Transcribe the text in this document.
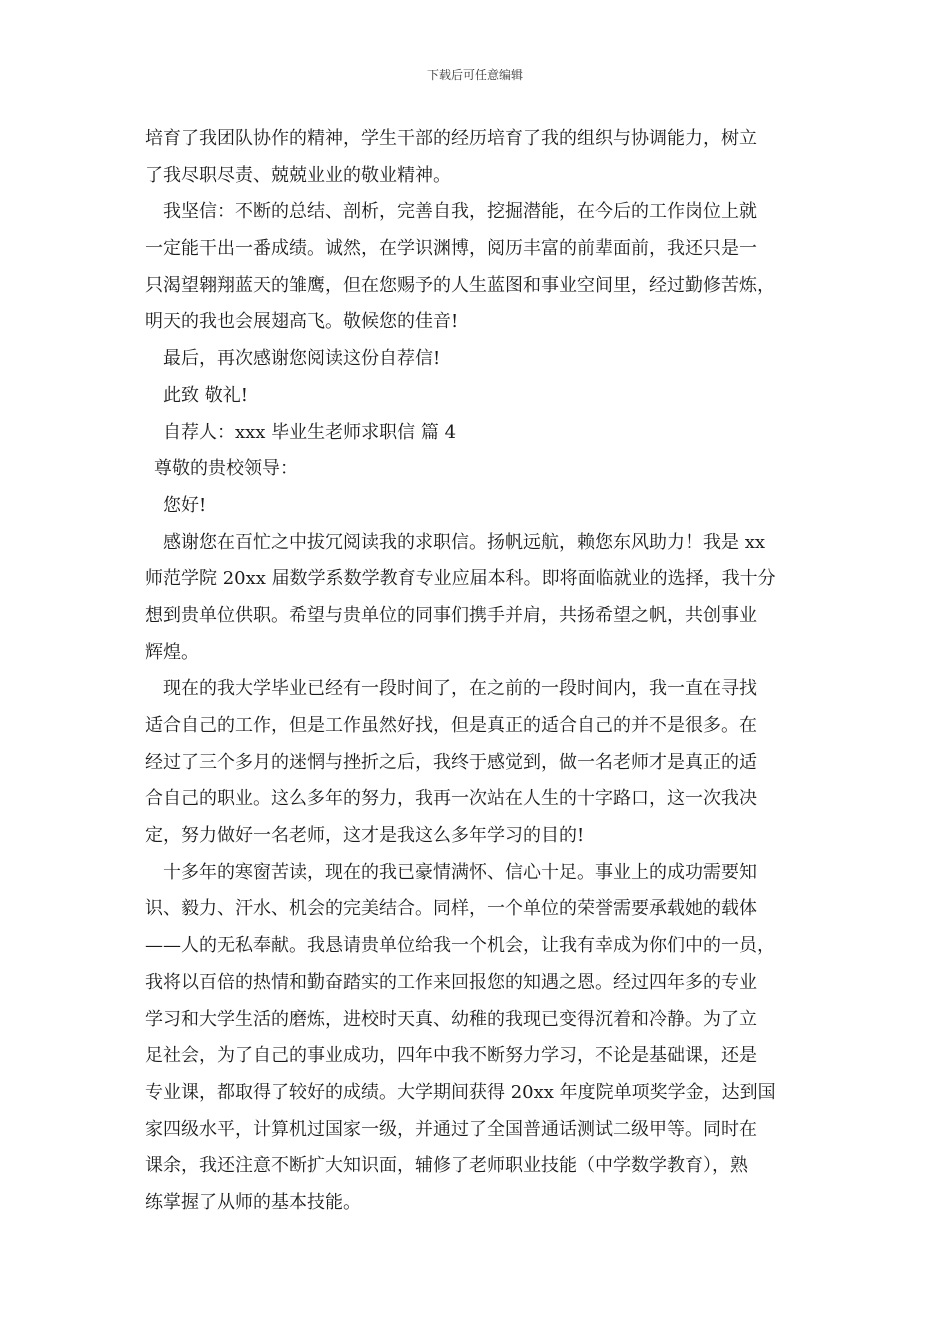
下载后可任意编辑
培育了我团队协作的精神，学生干部的经历培育了我的组织与协调能力，树立
了我尽职尽责、兢兢业业的敬业精神。
我坚信：不断的总结、剖析，完善自我，挖掘潜能，在今后的工作岗位上就
一定能干出一番成绩。诚然，在学识渊博，阅历丰富的前辈面前，我还只是一
只渴望翱翔蓝天的雏鹰，但在您赐予的人生蓝图和事业空间里，经过勤修苦炼，
明天的我也会展翅高飞。敬候您的佳音!
最后，再次感谢您阅读这份自荐信!
此致 敬礼!
自荐人：xxx 毕业生老师求职信 篇 4
尊敬的贵校领导：
您好!
感谢您在百忙之中拔冗阅读我的求职信。扬帆远航，赖您东风助力！我是 xx
师范学院 20xx 届数学系数学教育专业应届本科。即将面临就业的选择，我十分
想到贵单位供职。希望与贵单位的同事们携手并肩，共扬希望之帆，共创事业
辉煌。
现在的我大学毕业已经有一段时间了，在之前的一段时间内，我一直在寻找
适合自己的工作，但是工作虽然好找，但是真正的适合自己的并不是很多。在
经过了三个多月的迷惘与挫折之后，我终于感觉到，做一名老师才是真正的适
合自己的职业。这么多年的努力，我再一次站在人生的十字路口，这一次我决
定，努力做好一名老师，这才是我这么多年学习的目的!
十多年的寒窗苦读，现在的我已豪情满怀、信心十足。事业上的成功需要知
识、毅力、汗水、机会的完美结合。同样，一个单位的荣誉需要承载她的载体
——人的无私奉献。我恳请贵单位给我一个机会，让我有幸成为你们中的一员，
我将以百倍的热情和勤奋踏实的工作来回报您的知遇之恩。经过四年多的专业
学习和大学生活的磨炼，进校时天真、幼稚的我现已变得沉着和冷静。为了立
足社会，为了自己的事业成功，四年中我不断努力学习，不论是基础课，还是
专业课，都取得了较好的成绩。大学期间获得 20xx 年度院单项奖学金，达到国
家四级水平，计算机过国家一级，并通过了全国普通话测试二级甲等。同时在
课余，我还注意不断扩大知识面，辅修了老师职业技能（中学数学教育），熟
练掌握了从师的基本技能。
